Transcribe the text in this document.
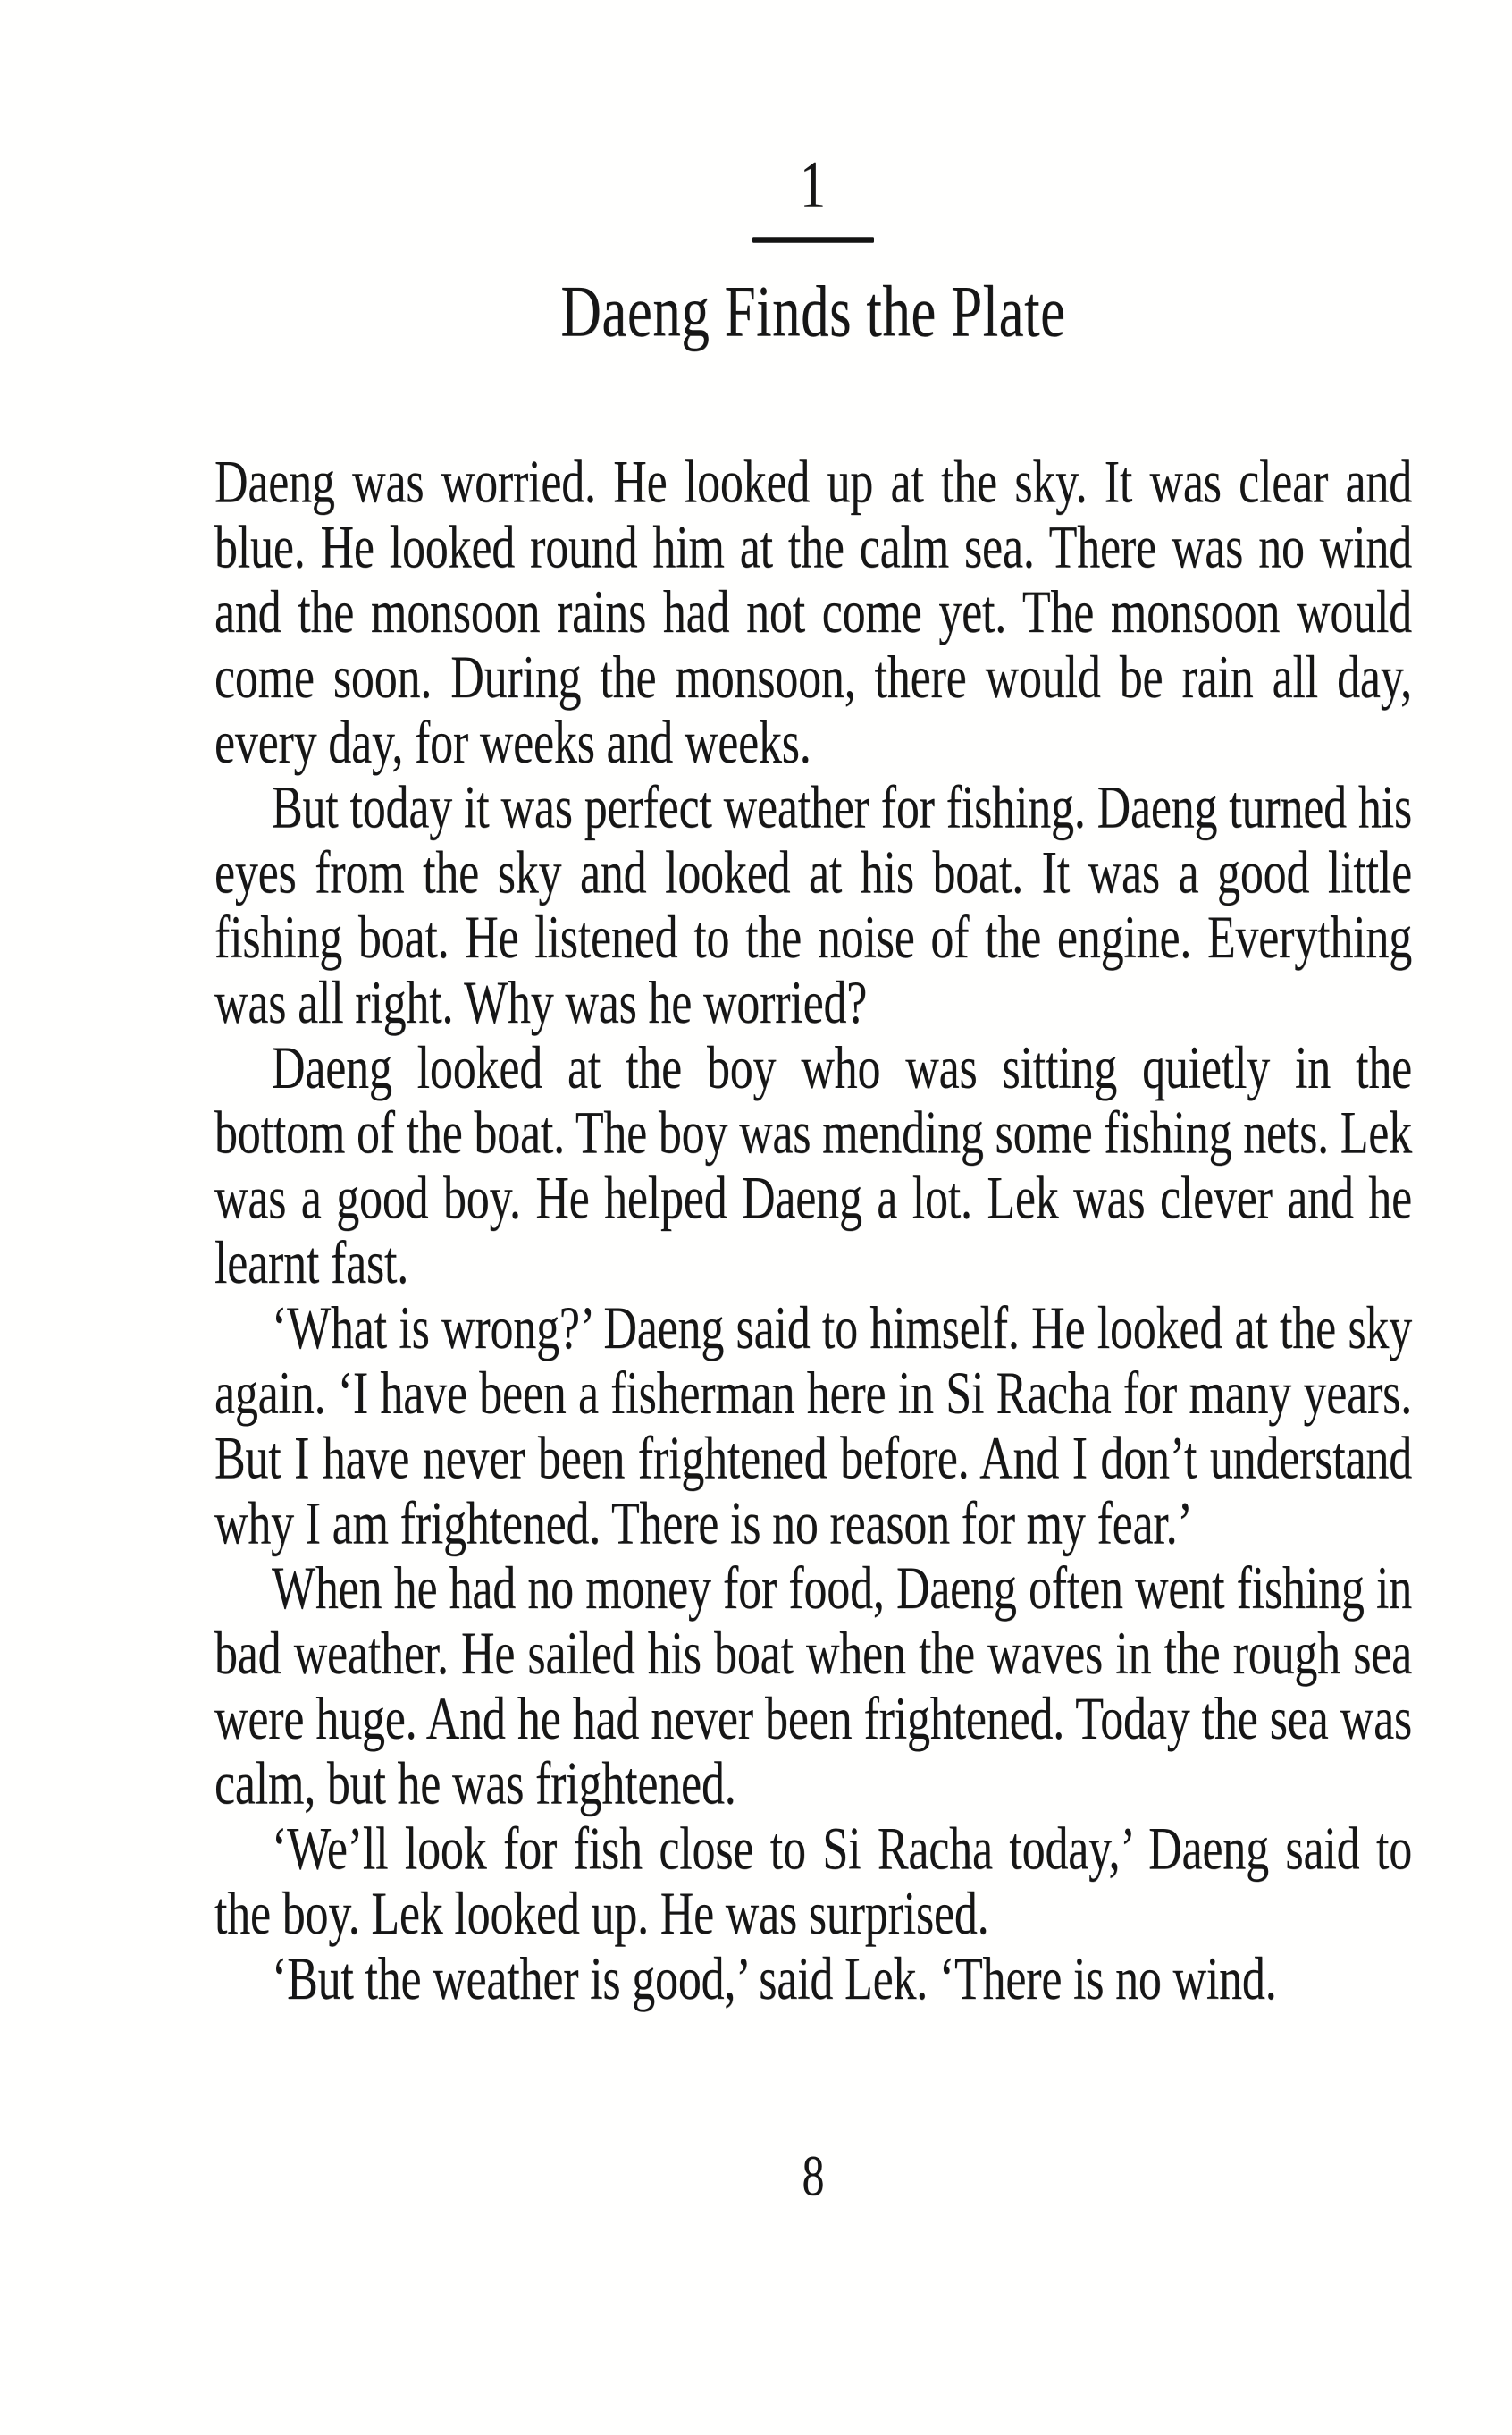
1
Daeng Finds the Plate

Daeng was worried. He looked up at the sky. It was clear and blue. He looked round him at the calm sea. There was no wind and the monsoon rains had not come yet. The monsoon would come soon. During the monsoon, there would be rain all day, every day, for weeks and weeks.

But today it was perfect weather for fishing. Daeng turned his eyes from the sky and looked at his boat. It was a good little fishing boat. He listened to the noise of the engine. Everything was all right. Why was he worried?

Daeng looked at the boy who was sitting quietly in the bottom of the boat. The boy was mending some fishing nets. Lek was a good boy. He helped Daeng a lot. Lek was clever and he learnt fast.

‘What is wrong?’ Daeng said to himself. He looked at the sky again. ‘I have been a fisherman here in Si Racha for many years. But I have never been frightened before. And I don’t understand why I am frightened. There is no reason for my fear.’

When he had no money for food, Daeng often went fishing in bad weather. He sailed his boat when the waves in the rough sea were huge. And he had never been frightened. Today the sea was calm, but he was frightened.

‘We’ll look for fish close to Si Racha today,’ Daeng said to the boy. Lek looked up. He was surprised.

‘But the weather is good,’ said Lek. ‘There is no wind.

8
